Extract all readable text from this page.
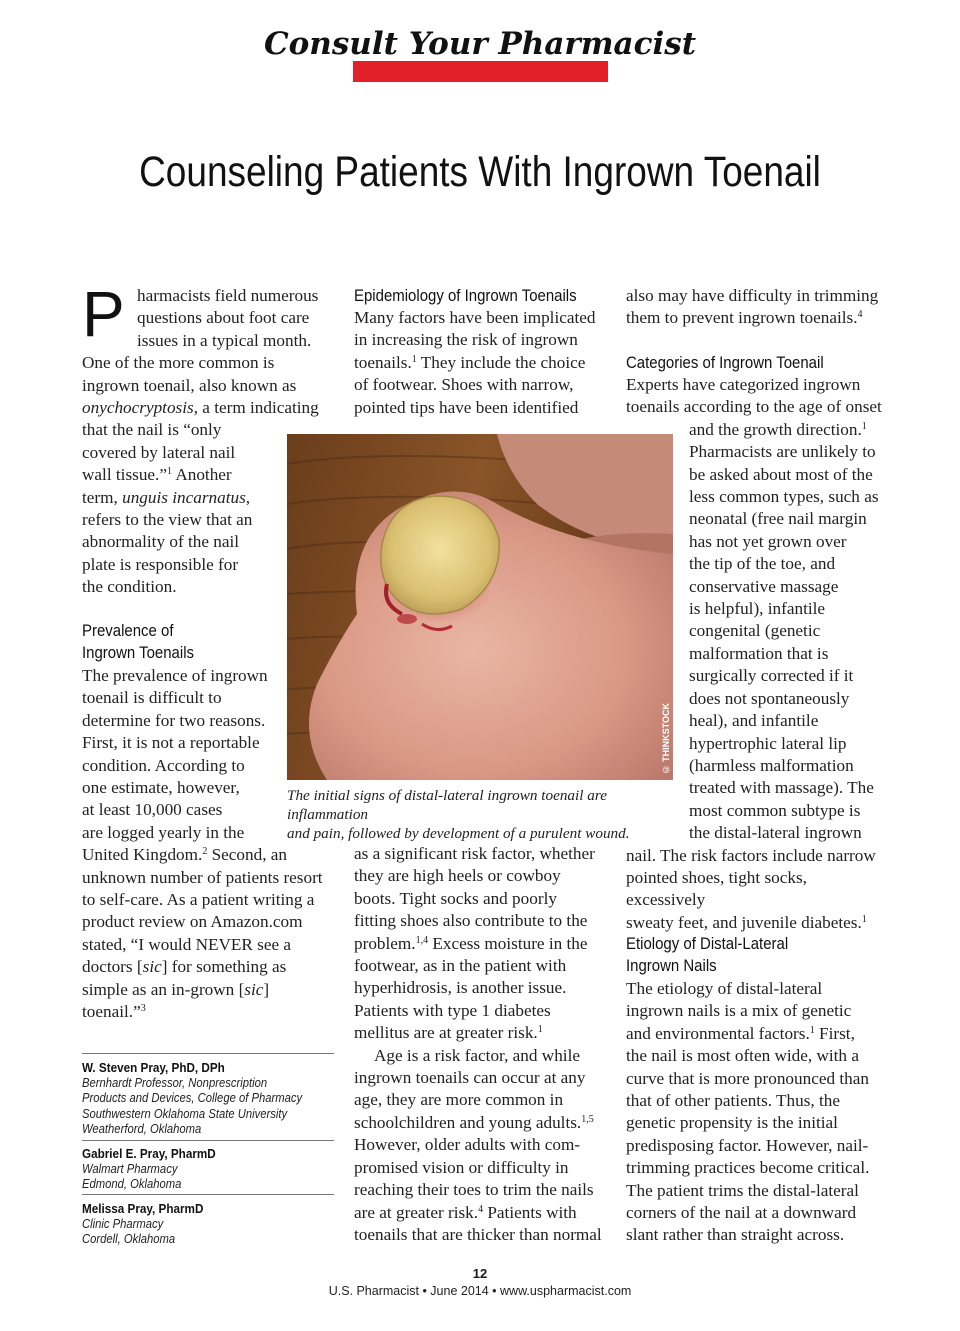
Consult Your Pharmacist
Counseling Patients With Ingrown Toenail
P harmacists field numerous
questions about foot care
issues in a typical month.
One of the more common is
ingrown toenail, also known as
onychocryptosis, a term indicating
that the nail is “only
covered by lateral nail
wall tissue.”$^1$ Another
term, unguis incarnatus,
refers to the view that an
abnormality of the nail
plate is responsible for
the condition.
Prevalence of
Ingrown Toenails
The prevalence of ingrown
toenail is difficult to
determine for two reasons.
First, it is not a reportable
condition. According to
one estimate, however,
at least 10,000 cases
are logged yearly in the
United Kingdom.$^2$ Second, an
unknown number of patients resort
to self-care. As a patient writing a
product review on Amazon.com
stated, “I would NEVER see a
doctors [sic] for something as
simple as an in-grown [sic]
toenail.”$^3$
W. Steven Pray, PhD, DPh
Bernhardt Professor, Nonprescription
Products and Devices, College of Pharmacy
Southwestern Oklahoma State University
Weatherford, Oklahoma
Gabriel E. Pray, PharmD
Walmart Pharmacy
Edmond, Oklahoma
Melissa Pray, PharmD
Clinic Pharmacy
Cordell, Oklahoma
Epidemiology of Ingrown Toenails
Many factors have been implicated
in increasing the risk of ingrown
toenails.$^1$ They include the choice
of footwear. Shoes with narrow,
pointed tips have been identified
© THINKSTOCK
The initial signs of distal-lateral ingrown toenail are inflammation
and pain, followed by development of a purulent wound.
as a significant risk factor, whether
they are high heels or cowboy
boots. Tight socks and poorly
fitting shoes also contribute to the
problem.$^{1,4}$ Excess moisture in the
footwear, as in the patient with
hyperhidrosis, is another issue.
Patients with type 1 diabetes
mellitus are at greater risk.$^1$
Age is a risk factor, and while
ingrown toenails can occur at any
age, they are more common in
schoolchildren and young adults.$^{1,5}$
However, older adults with com-
promised vision or difficulty in
reaching their toes to trim the nails
are at greater risk.$^4$ Patients with
toenails that are thicker than normal
also may have difficulty in trimming
them to prevent ingrown toenails.$^4$
Categories of Ingrown Toenail
Experts have categorized ingrown
toenails according to the age of onset
and the growth direction.$^1$
Pharmacists are unlikely to
be asked about most of the
less common types, such as
neonatal (free nail margin
has not yet grown over
the tip of the toe, and
conservative massage
is helpful), infantile
congenital (genetic
malformation that is
surgically corrected if it
does not spontaneously
heal), and infantile
hypertrophic lateral lip
(harmless malformation
treated with massage). The
most common subtype is
the distal-lateral ingrown
nail. The risk factors include narrow
pointed shoes, tight socks, excessively
sweaty feet, and juvenile diabetes.$^1$
Etiology of Distal-Lateral
Ingrown Nails
The etiology of distal-lateral
ingrown nails is a mix of genetic
and environmental factors.$^1$ First,
the nail is most often wide, with a
curve that is more pronounced than
that of other patients. Thus, the
genetic propensity is the initial
predisposing factor. However, nail-
trimming practices become critical.
The patient trims the distal-lateral
corners of the nail at a downward
slant rather than straight across.
12
U.S. Pharmacist • June 2014 • www.uspharmacist.com
